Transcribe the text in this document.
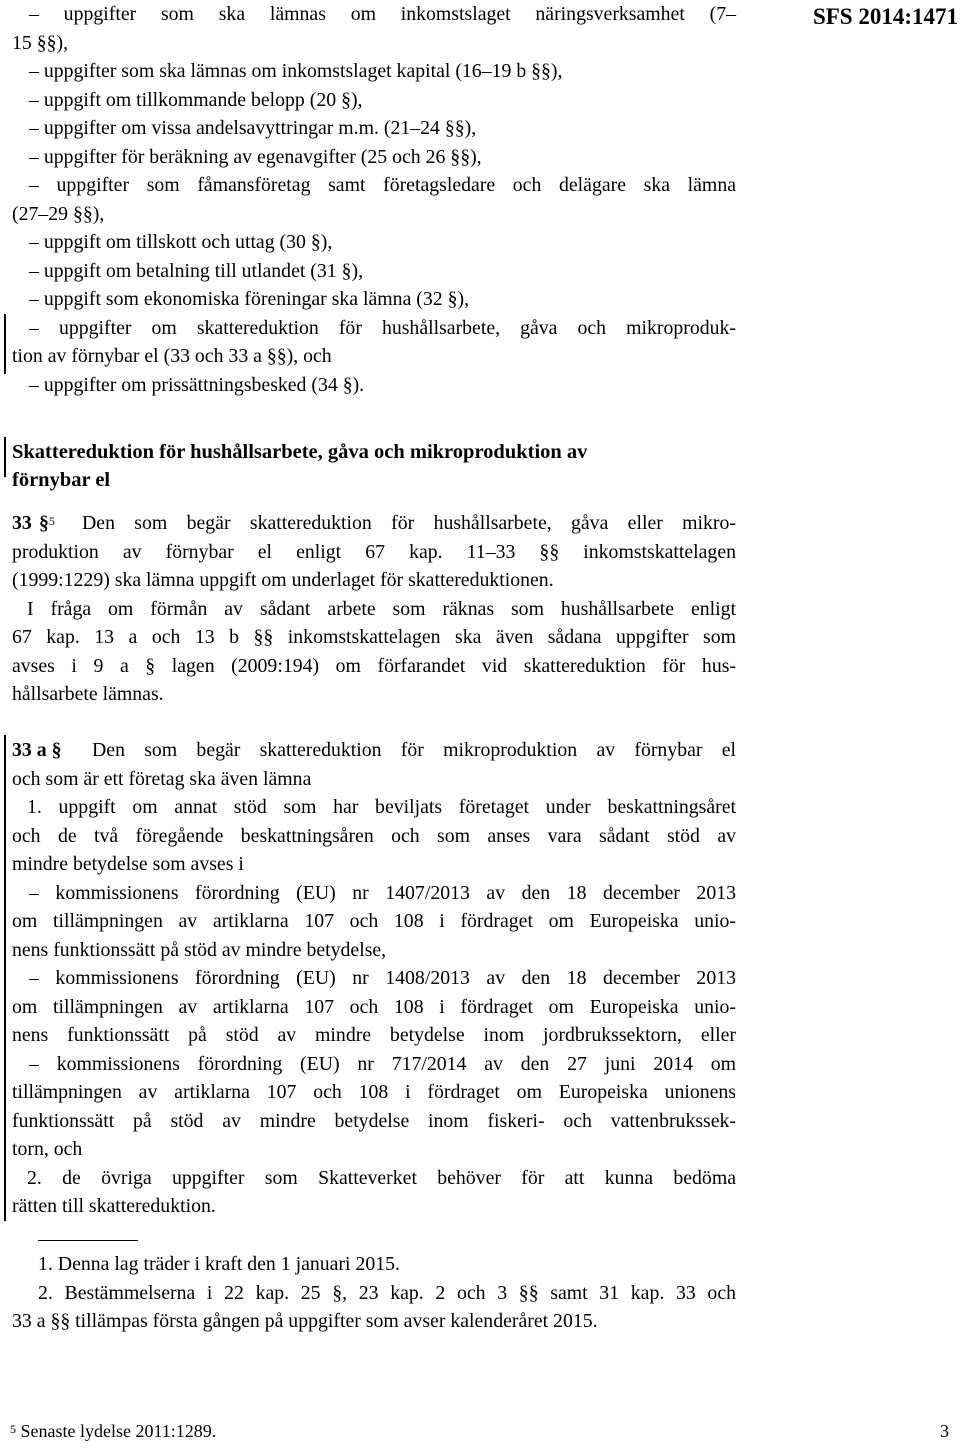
SFS 2014:1471
– uppgifter som ska lämnas om inkomstslaget näringsverksamhet (7–
15 §§),
– uppgifter som ska lämnas om inkomstslaget kapital (16–19 b §§),
– uppgift om tillkommande belopp (20 §),
– uppgifter om vissa andelsavyttringar m.m. (21–24 §§),
– uppgifter för beräkning av egenavgifter (25 och 26 §§),
– uppgifter som fåmansföretag samt företagsledare och delägare ska lämna
(27–29 §§),
– uppgift om tillskott och uttag (30 §),
– uppgift om betalning till utlandet (31 §),
– uppgift som ekonomiska föreningar ska lämna (32 §),
– uppgifter om skattereduktion för hushållsarbete, gåva och mikroproduk-
tion av förnybar el (33 och 33 a §§), och
– uppgifter om prissättningsbesked (34 §).
Skattereduktion för hushållsarbete, gåva och mikroproduktion av
förnybar el
33 §$^5$ Den som begär skattereduktion för hushållsarbete, gåva eller mikro-
produktion av förnybar el enligt 67 kap. 11–33 §§ inkomstskattelagen
(1999:1229) ska lämna uppgift om underlaget för skattereduktionen.
I fråga om förmån av sådant arbete som räknas som hushållsarbete enligt
67 kap. 13 a och 13 b §§ inkomstskattelagen ska även sådana uppgifter som
avses i 9 a § lagen (2009:194) om förfarandet vid skattereduktion för hus-
hållsarbete lämnas.
33 a § Den som begär skattereduktion för mikroproduktion av förnybar el
och som är ett företag ska även lämna
1. uppgift om annat stöd som har beviljats företaget under beskattningsåret
och de två föregående beskattningsåren och som anses vara sådant stöd av
mindre betydelse som avses i
– kommissionens förordning (EU) nr 1407/2013 av den 18 december 2013
om tillämpningen av artiklarna 107 och 108 i fördraget om Europeiska unio-
nens funktionssätt på stöd av mindre betydelse,
– kommissionens förordning (EU) nr 1408/2013 av den 18 december 2013
om tillämpningen av artiklarna 107 och 108 i fördraget om Europeiska unio-
nens funktionssätt på stöd av mindre betydelse inom jordbrukssektorn, eller
– kommissionens förordning (EU) nr 717/2014 av den 27 juni 2014 om
tillämpningen av artiklarna 107 och 108 i fördraget om Europeiska unionens
funktionssätt på stöd av mindre betydelse inom fiskeri- och vattenbrukssek-
torn, och
2. de övriga uppgifter som Skatteverket behöver för att kunna bedöma
rätten till skattereduktion.
1. Denna lag träder i kraft den 1 januari 2015.
2. Bestämmelserna i 22 kap. 25 §, 23 kap. 2 och 3 §§ samt 31 kap. 33 och
33 a §§ tillämpas första gången på uppgifter som avser kalenderåret 2015.
$^5$ Senaste lydelse 2011:1289.	3
